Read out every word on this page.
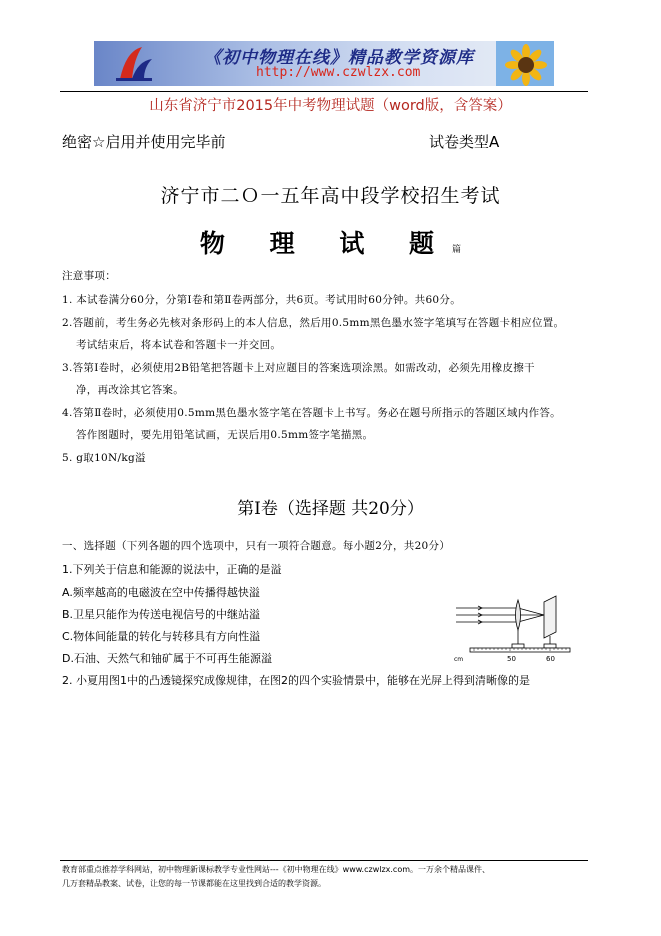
《初中物理在线》精品教学资源库
http://www.czwlzx.com
山东省济宁市2015年中考物理试题（word版，含答案）
绝密☆启用并使用完毕前	试卷类型A
济宁市二Ｏ一五年高中段学校招生考试
物 理 试 题篇
注意事项：
1. 本试卷满分60分，分第Ⅰ卷和第Ⅱ卷两部分，共6页。考试用时60分钟。共60分。
2.答题前，考生务必先核对条形码上的本人信息，然后用0.5mm黑色墨水签字笔填写在答题卡相应位置。
考试结束后，将本试卷和答题卡一并交回。
3.答第Ⅰ卷时，必须使用2B铅笔把答题卡上对应题目的答案选项涂黑。如需改动，必须先用橡皮擦干
净，再改涂其它答案。
4.答第Ⅱ卷时，必须使用0.5mm黑色墨水签字笔在答题卡上书写。务必在题号所指示的答题区域内作答。
答作图题时，要先用铅笔试画，无误后用0.5mm签字笔描黑。
5. g取10N/kg溢
第Ⅰ卷（选择题 共20分）
一、选择题（下列各题的四个选项中，只有一项符合题意。每小题2分，共20分）
1.下列关于信息和能源的说法中，正确的是溢
A.频率越高的电磁波在空中传播得越快溢
B.卫星只能作为传送电视信号的中继站溢
C.物体间能量的转化与转移具有方向性溢
D.石油、天然气和铀矿属于不可再生能源溢
2. 小夏用图1中的凸透镜探究成像规律，在图2的四个实验情景中，能够在光屏上得到清晰像的是
cm	50	60
教育部重点推荐学科网站，初中物理新课标教学专业性网站---《初中物理在线》www.czwlzx.com。一万余个精品课件、
几万套精品教案、试卷，让您的每一节课都能在这里找到合适的教学资源。
